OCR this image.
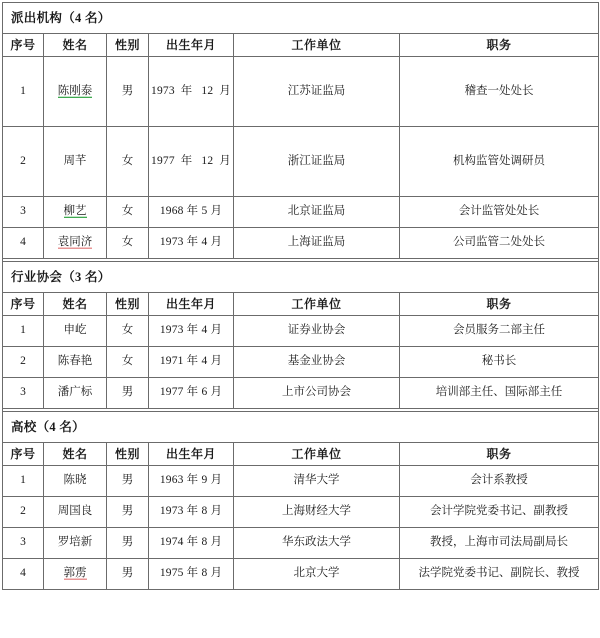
派出机构（4 名）					
序号	姓名	性别	出生年月	工作单位	职务
1	陈刚泰	男	1973 年 12 月	江苏证监局	稽查一处处长
2	周芊	女	1977 年 12 月	浙江证监局	机构监管处调研员
3	柳艺	女	1968 年 5 月	北京证监局	会计监管处处长
4	袁同济	女	1973 年 4 月	上海证监局	公司监管二处处长

行业协会（3 名）					
序号	姓名	性别	出生年月	工作单位	职务
1	申屹	女	1973 年 4 月	证券业协会	会员服务二部主任
2	陈春艳	女	1971 年 4 月	基金业协会	秘书长
3	潘广标	男	1977 年 6 月	上市公司协会	培训部主任、国际部主任

高校（4 名）					
序号	姓名	性别	出生年月	工作单位	职务
1	陈晓	男	1963 年 9 月	清华大学	会计系教授
2	周国良	男	1973 年 8 月	上海财经大学	会计学院党委书记、副教授
3	罗培新	男	1974 年 8 月	华东政法大学	教授，上海市司法局副局长
4	郭雳	男	1975 年 8 月	北京大学	法学院党委书记、副院长、教授
